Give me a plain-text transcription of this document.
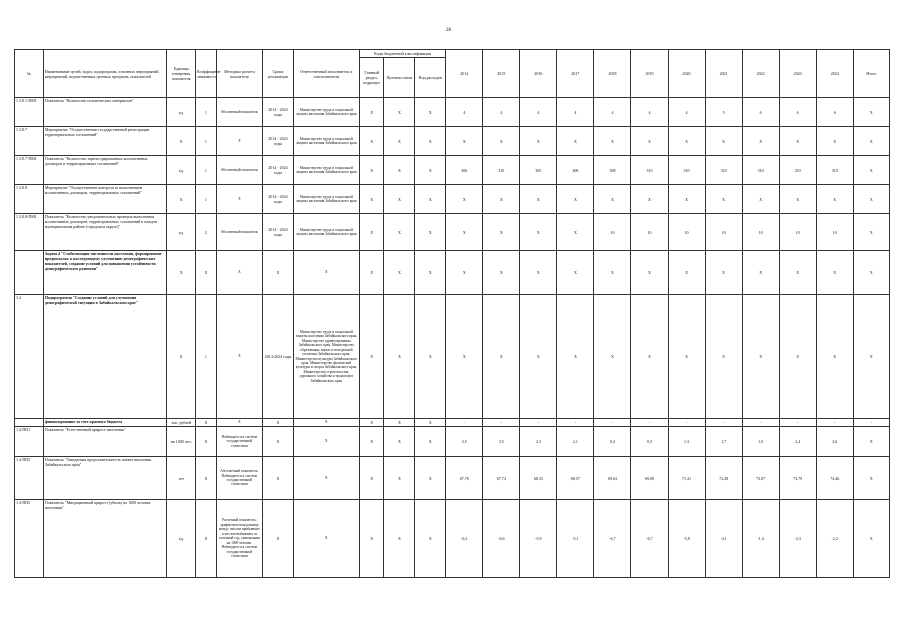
28
№	Наименование целей, задач, подпрограмм, основных мероприятий, мероприятий, ведомственных целевых программ, показателей	Единица измерения показателя	Коэффициент значимости	Методика расчета показателя	Сроки реализации	Ответственный исполнитель и соисполнители	Коды бюджетной классификации			2014	2015	2016	2017	2018	2019	2020	2021	2022	2023	2024	Итого
							Главный раздел, подраздел	Целевая статья	Вид расходов												
1.3.8.1-ПМ1	Показатель "Количество политических материалов"	ед.	1	Абсолютный показатель	2014 - 2024 годы	Министерство труда и социальной защиты населения Забайкальского края	X	X	X	4	4	4	4	4	4	4	5	6	6	6	X
1.3.8.7	Мероприятие "Осуществление государственной регистрации территориальных соглашений"	X	1	X	2014 - 2024 годы	Министерство труда и социальной защиты населения Забайкальского края	X	X	X	X	X	X	X	X	X	X	X	X	X	X	X
1.3.8.7-ПМ1	Показатель "Количество зарегистрированных коллективных договоров и территориальных соглашений"	ед.	1	Абсолютный показатель	2014 - 2024 годы	Министерство труда и социальной защиты населения Забайкальского края	X	X	X	306	310	305	308	308	310	310	310	310	310	310	X
1.3.8.8	Мероприятие "Осуществление контроля за выполнением коллективных договоров, территориальных соглашений"	X	1	X	2014 - 2024 годы	Министерство труда и социальной защиты населения Забайкальского края	X	X	X	X	X	X	X	X	X	X	X	X	X	X	X
1.3.8.8-ПМ1	Показатель "Количество уведомительных проверок выполнения коллективных договоров, территориальных соглашений в каждом муниципальном районе (городском округе)"	ед.	2	Абсолютный показатель	2014 - 2024 годы	Министерство труда и социальной защиты населения Забайкальского края	X	X	X	X	X	X	X	10	10	10	10	10	10	10	X
	Задача 4 "Стабилизация численности населения, формирование предпосылок к последующему улучшению демографических показателей, создание условий для повышения устойчивости демографического развития"	X	X	X	X	X	X	X	X	X	X	X	X	X	X	X	X	X	X	X	X
1.4	Подпрограмма "Создание условий для улучшения демографической ситуации в Забайкальском крае"	X	1	X	2014-2024 годы	Министерство труда и социальной защиты населения Забайкальского края, Министерство здравоохранения Забайкальского края, Министерство образования, науки и молодежной политики Забайкальского края, Министерство культуры Забайкальского края, Министерство физической культуры и спорта Забайкальского края, Министерство строительства, дорожного хозяйства и транспорта Забайкальского края	X	X	X	X	X	X	X	X	X	X	X	X	X	X	X
	финансирование за счет краевого бюджета	тыс. рублей	X	X	X	X	X	X	X	-	-	-	-	-	-	-	-	-	-	-	-
1.4-ПП1	Показатель "Естественный прирост населения"	на 1000 чел.	X	Наблюдается в системе государственной статистики	X	X	X	X	X	3,5	3,5	2,3	2,1	0,4	0,3	1,3	1,7	1,9	2,4	2,6	X
1.4-ПП2	Показатель "Ожидаемая продолжительность жизни населения Забайкальского края"	лет	X	Абсолютный показатель. Наблюдается в системе государственной статистики	X	X	X	X	X	67,76	67,74	68,33	68,57	69,63	69,00	71,41	72,28	73,07	73,79	74,46	X
1.4-ПП3	Показатель "Миграционный прирост (убыль) на 1000 человек населения"	ед.	X	Расчетный показатель: арифметическая разница между числом прибывших и числом выбывших за отчетный год, умноженная на 1000 человек. Наблюдается в системе государственной статистики	X	X	X	X	X	-6,2	-6,6	-5,9	-5,1	-6,7	-6,7	-5,8	-4,1	-1,4	-2,3	-2,2	X
